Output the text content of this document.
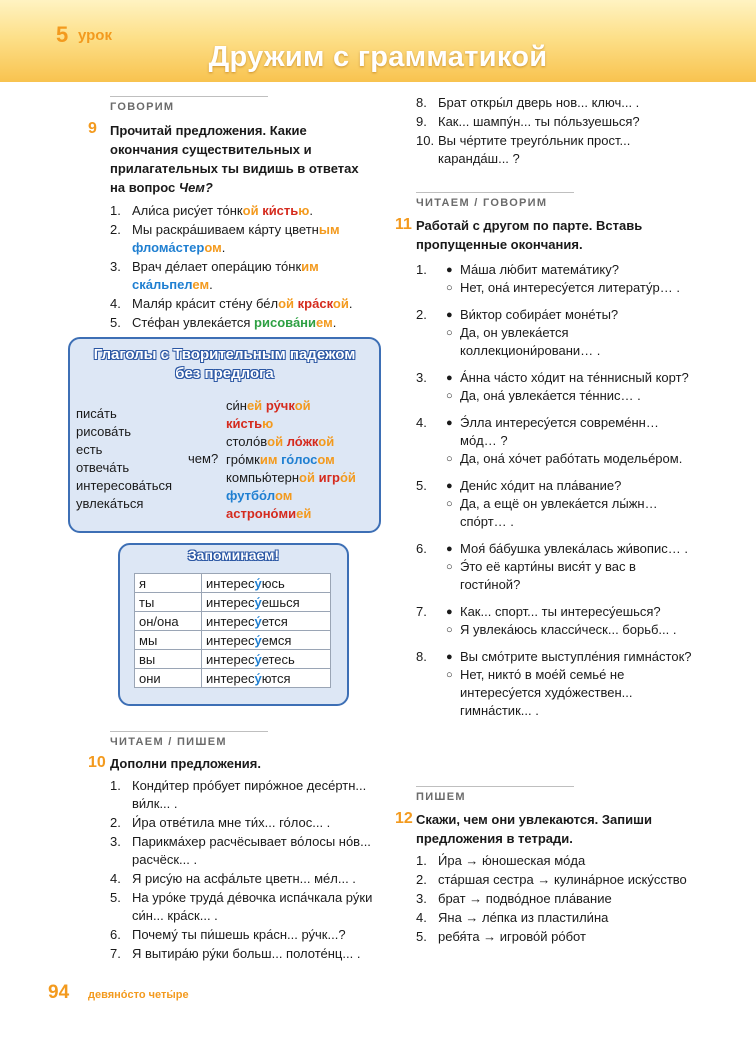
5 урок
Дружим с грамматикой
ГОВОРИМ
9 Прочитай предложения. Какие окончания существительных и прилагательных ты видишь в ответах на вопрос Чем?
1. Али́са рису́ет то́нкой ки́стью.
2. Мы раскра́шиваем ка́рту цветным флома́стером.
3. Врач де́лает опера́цию то́нким ска́льпелем.
4. Маля́р кра́сит сте́ну бе́лой кра́ской.
5. Сте́фан увлека́ется рисова́нием.
Глаголы с Творительным падежом
без предлога
писа́ть
рисова́ть
есть
отвеча́ть
интересова́ться
увлека́ться
чем?
си́ней ру́чкой
ки́стью
столо́вой ло́жкой
гро́мким го́лосом
компью́терной игро́й
футбо́лом
астроно́мией
Запоминаем!
я	интересу́юсь
ты	интересу́ешься
он/она	интересу́ется
мы	интересу́емся
вы	интересу́етесь
они	интересу́ются
ЧИТАЕМ / ПИШЕМ
10 Дополни предложения.
1. Конди́тер про́бует пиро́жное десе́ртн... ви́лк... .
2. И́ра отве́тила мне ти́х... го́лос... .
3. Парикма́хер расчёсывает во́лосы но́в... расчёск... .
4. Я рису́ю на асфа́льте цветн... ме́л... .
5. На уро́ке труда́ де́вочка испа́чкала ру́ки си́н... кра́ск... .
6. Почему́ ты пи́шешь кра́сн... ру́чк...?
7. Я вытира́ю ру́ки больш... полоте́нц... .
8. Брат откры́л дверь нов... ключ... .
9. Как... шампу́н... ты по́льзуешься?
10. Вы че́ртите треуго́льник прост... каранда́ш... ?
ЧИТАЕМ / ГОВОРИМ
11 Работай с другом по парте. Вставь пропущенные окончания.
1. ● Ма́ша лю́бит матема́тику?
○ Нет, она́ интересу́ется литерату́р… .
2. ● Ви́ктор собира́ет моне́ты?
○ Да, он увлека́ется коллекциони́ровани… .
3. ● А́нна ча́сто хо́дит на те́ннисный корт?
○ Да, она́ увлека́ется те́ннис… .
4. ● Э́лла интересу́ется совреме́нн… мо́д… ?
○ Да, она́ хо́чет рабо́тать модельéром.
5. ● Дени́с хо́дит на пла́вание?
○ Да, а ещё он увлека́ется лы́жн… спо́рт… .
6. ● Моя́ ба́бушка увлека́лась жи́вопис… .
○ Э́то её карти́ны вися́т у вас в гости́ной?
7. ● Как... спорт... ты интересу́ешься?
○ Я увлека́юсь класси́ческ... борьб... .
8. ● Вы смо́трите выступле́ния гимна́сток?
○ Нет, никто́ в мое́й семье́ не интересу́ется худо́жествен... гимна́стик... .
ПИШЕМ
12 Скажи, чем они увлекаются. Запиши предложения в тетради.
1. И́ра → ю́ношеская мо́да
2. ста́ршая сестра → кулина́рное иску́сство
3. брат → подво́дное пла́вание
4. Яна → ле́пка из пластили́на
5. ребя́та → игрово́й ро́бот
94 девяно́сто четы́ре
